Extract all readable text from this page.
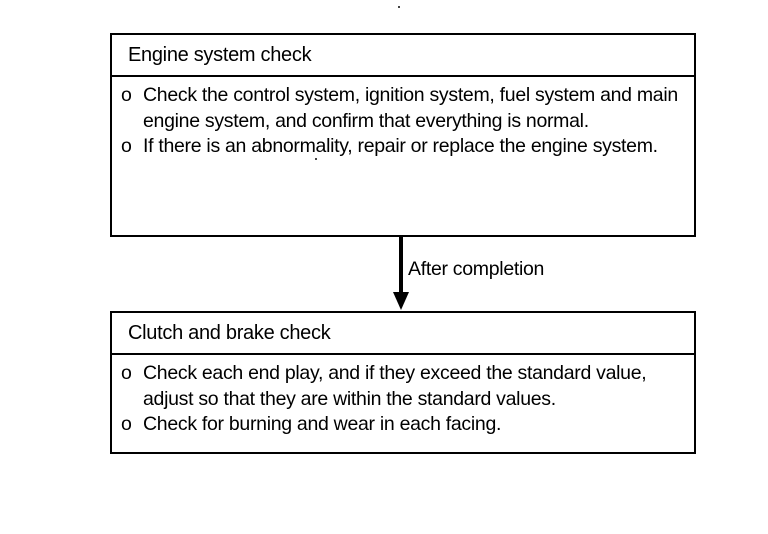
Engine system check
o Check the control system, ignition system, fuel system and main engine system, and confirm that everything is normal.
o If there is an abnormality, repair or replace the engine system.
After completion
Clutch and brake check
o Check each end play, and if they exceed the standard value, adjust so that they are within the standard values.
o Check for burning and wear in each facing.
